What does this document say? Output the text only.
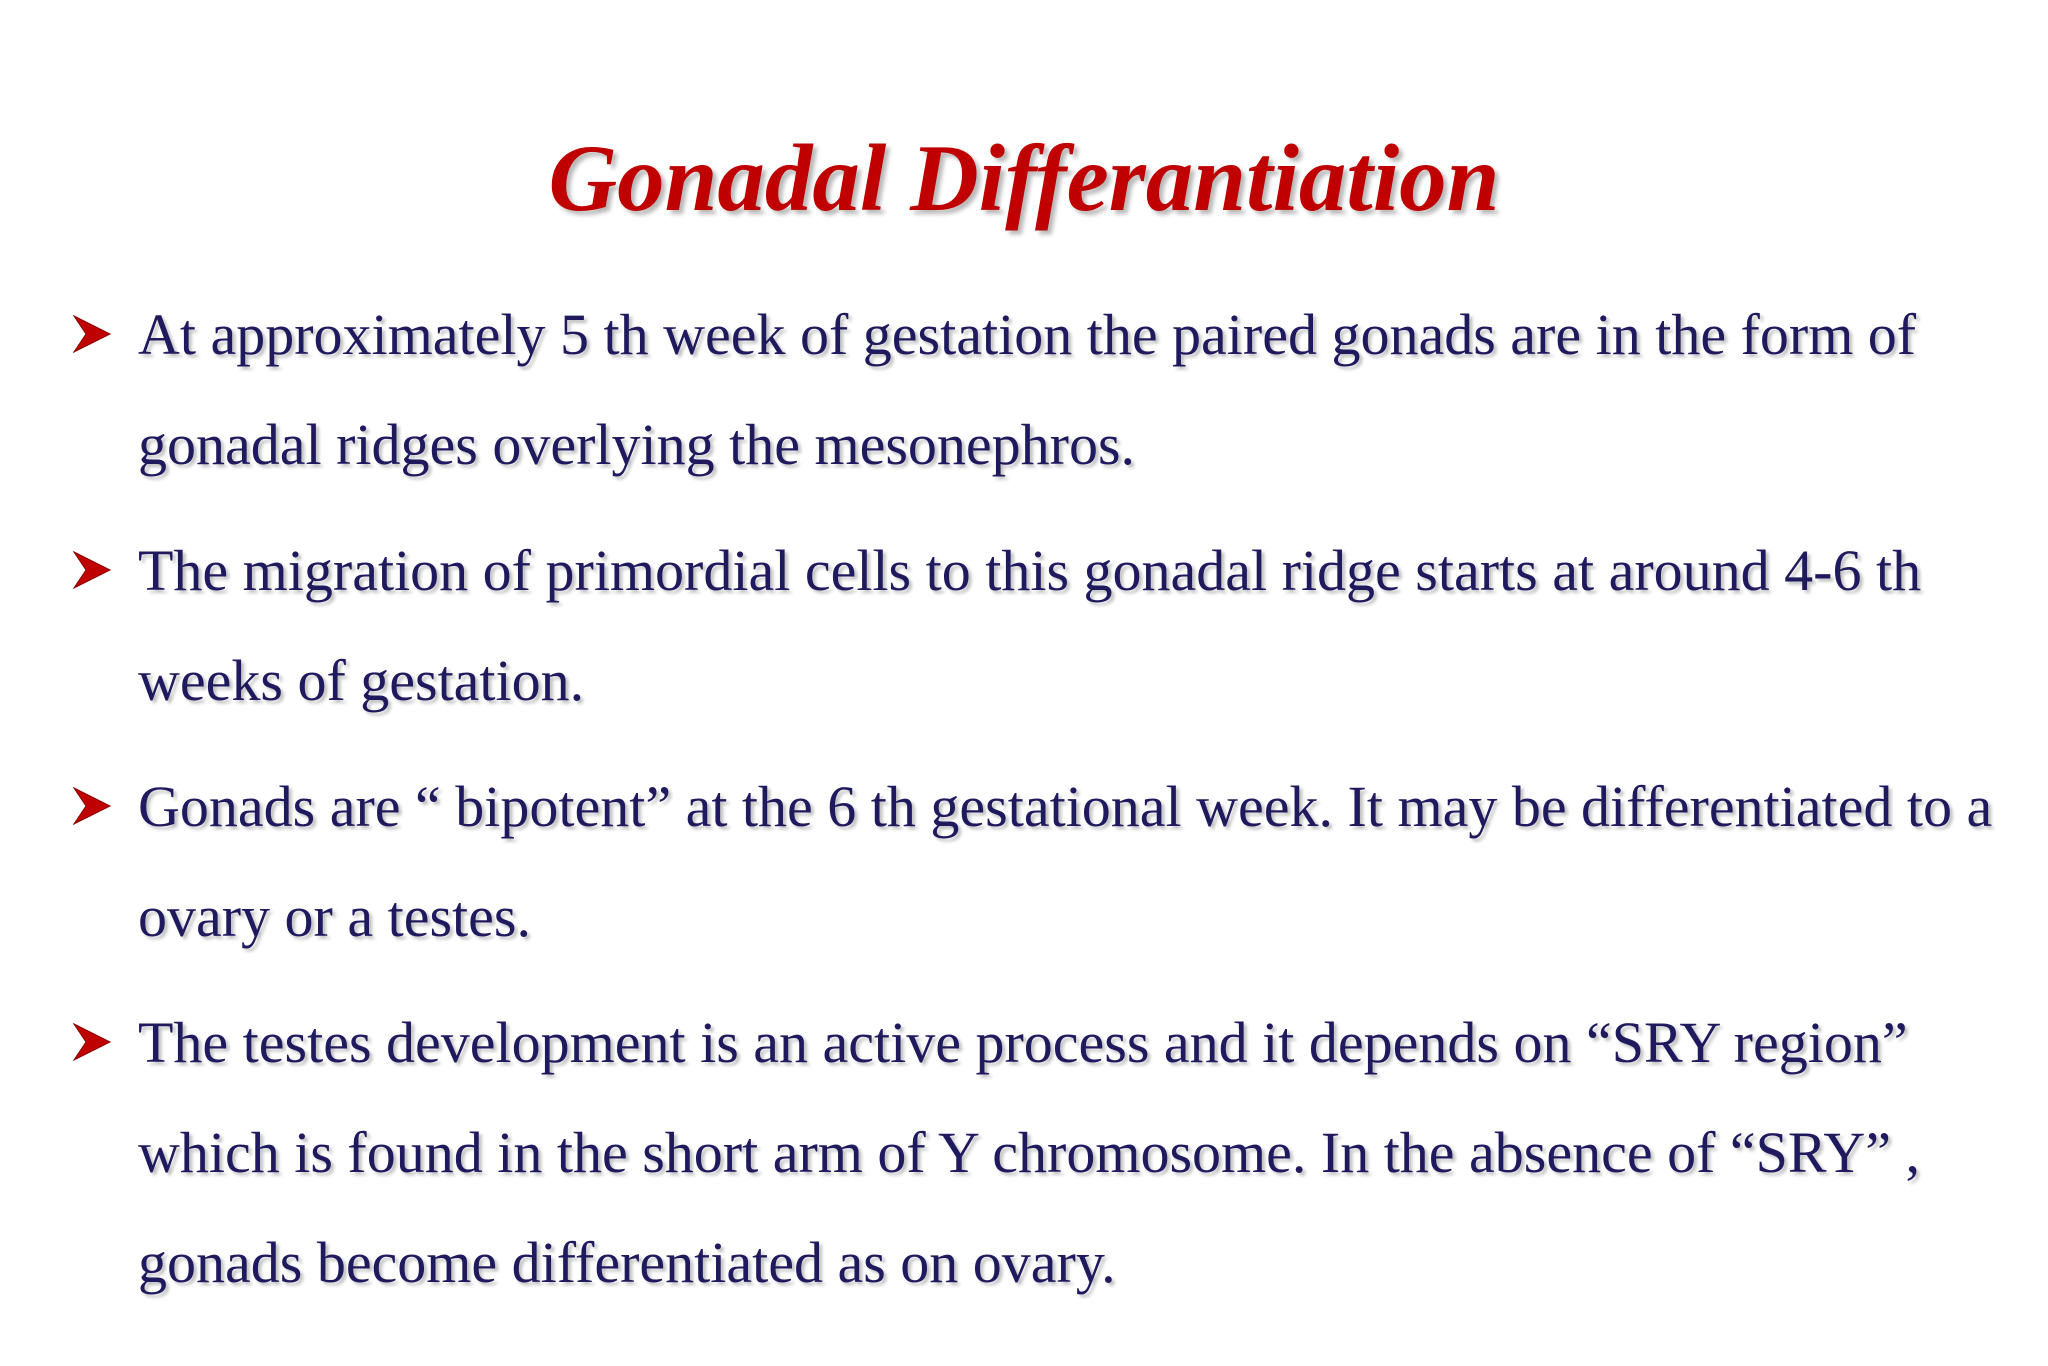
Gonadal Differantiation
At approximately 5 th week of gestation the paired gonads are in the form of gonadal ridges overlying the mesonephros.
The migration of primordial cells to this gonadal ridge starts at around 4-6 th weeks of gestation.
Gonads are “ bipotent” at the 6 th gestational week. It may be differentiated to a ovary or a testes.
The testes development is an active process and it depends on “SRY region” which is found in the short arm of Y chromosome. In the absence of “SRY” , gonads become differentiated as on ovary.
